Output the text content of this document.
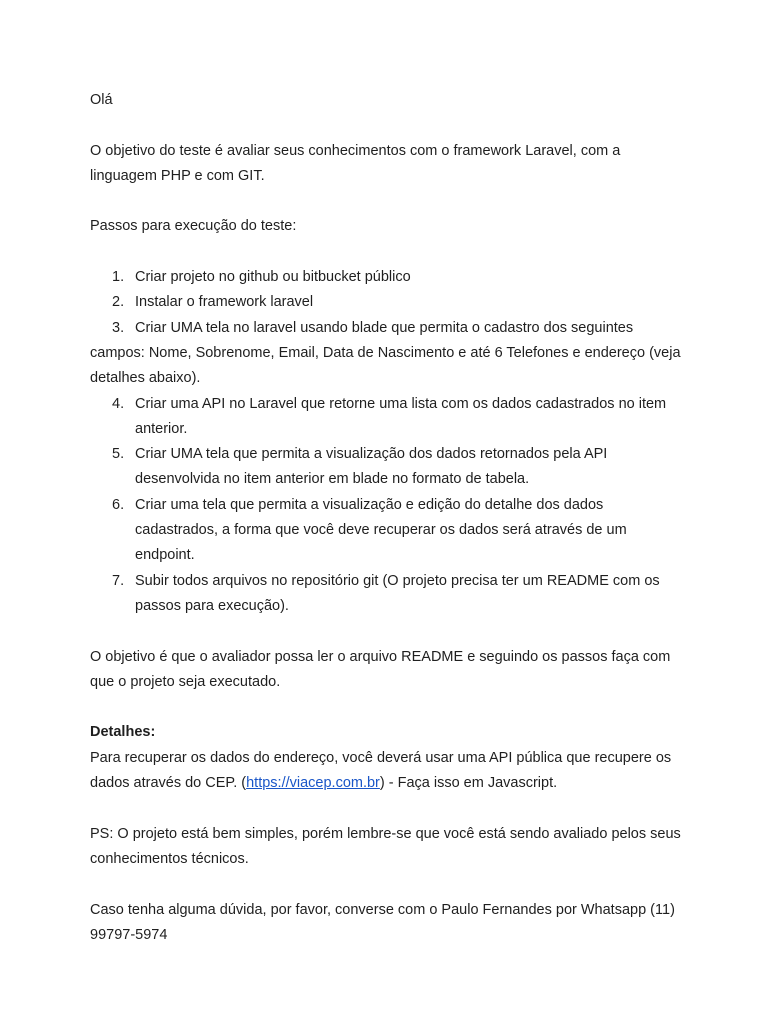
Olá

O objetivo do teste é avaliar seus conhecimentos com o framework Laravel, com a linguagem PHP e com GIT.

Passos para execução do teste:

1. Criar projeto no github ou bitbucket público
2. Instalar o framework laravel
3. Criar UMA tela no laravel usando blade que permita o cadastro dos seguintes campos: Nome, Sobrenome, Email, Data de Nascimento e até 6 Telefones e endereço (veja detalhes abaixo).
4. Criar uma API no Laravel que retorne uma lista com os dados cadastrados no item anterior.
5. Criar UMA tela que permita a visualização dos dados retornados pela API desenvolvida no item anterior em blade no formato de tabela.
6. Criar uma tela que permita a visualização e edição do detalhe dos dados cadastrados, a forma que você deve recuperar os dados será através de um endpoint.
7. Subir todos arquivos no repositório git (O projeto precisa ter um README com os passos para execução).

O objetivo é que o avaliador possa ler o arquivo README e seguindo os passos faça com que o projeto seja executado.

Detalhes:

Para recuperar os dados do endereço, você deverá usar uma API pública que recupere os dados através do CEP. (https://viacep.com.br) - Faça isso em Javascript.

PS: O projeto está bem simples, porém lembre-se que você está sendo avaliado pelos seus conhecimentos técnicos.

Caso tenha alguma dúvida, por favor, converse com o Paulo Fernandes por Whatsapp (11) 99797-5974
